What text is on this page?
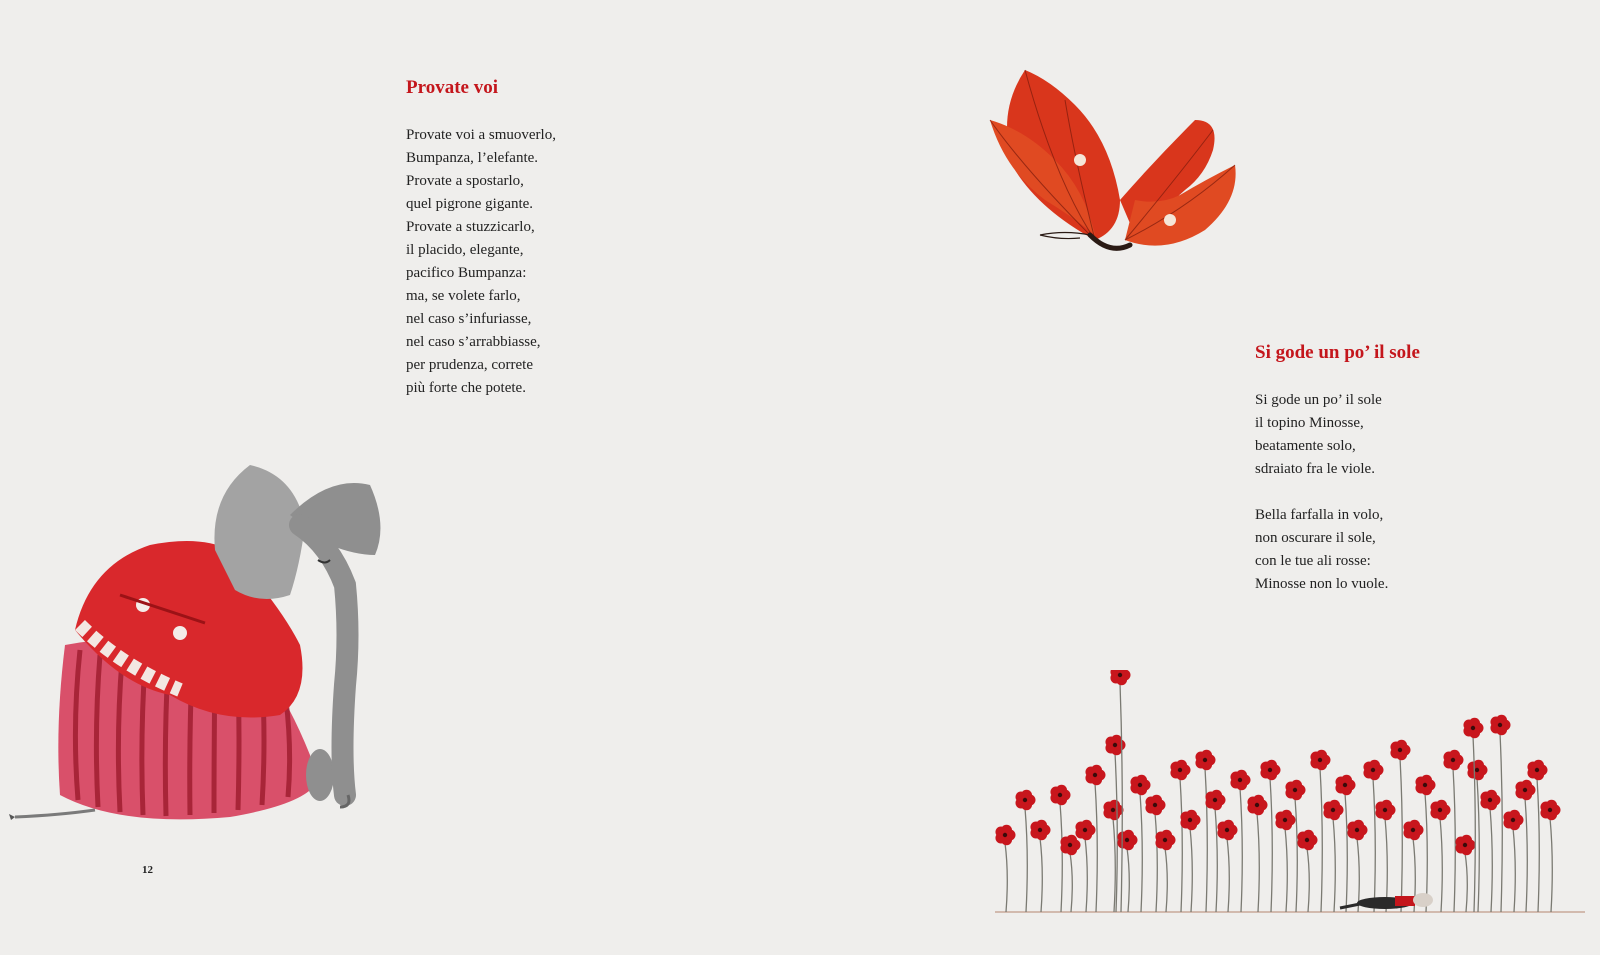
Provate voi
Provate voi a smuoverlo,
Bumpanza, l’elefante.
Provate a spostarlo,
quel pigrone gigante.
Provate a stuzzicarlo,
il placido, elegante,
pacifico Bumpanza:
ma, se volete farlo,
nel caso s’infuriasse,
nel caso s’arrabbiasse,
per prudenza, correte
più forte che potete.
12
Si gode un po’ il sole
Si gode un po’ il sole
il topino Minosse,
beatamente solo,
sdraiato fra le viole.
Bella farfalla in volo,
non oscurare il sole,
con le tue ali rosse:
Minosse non lo vuole.
